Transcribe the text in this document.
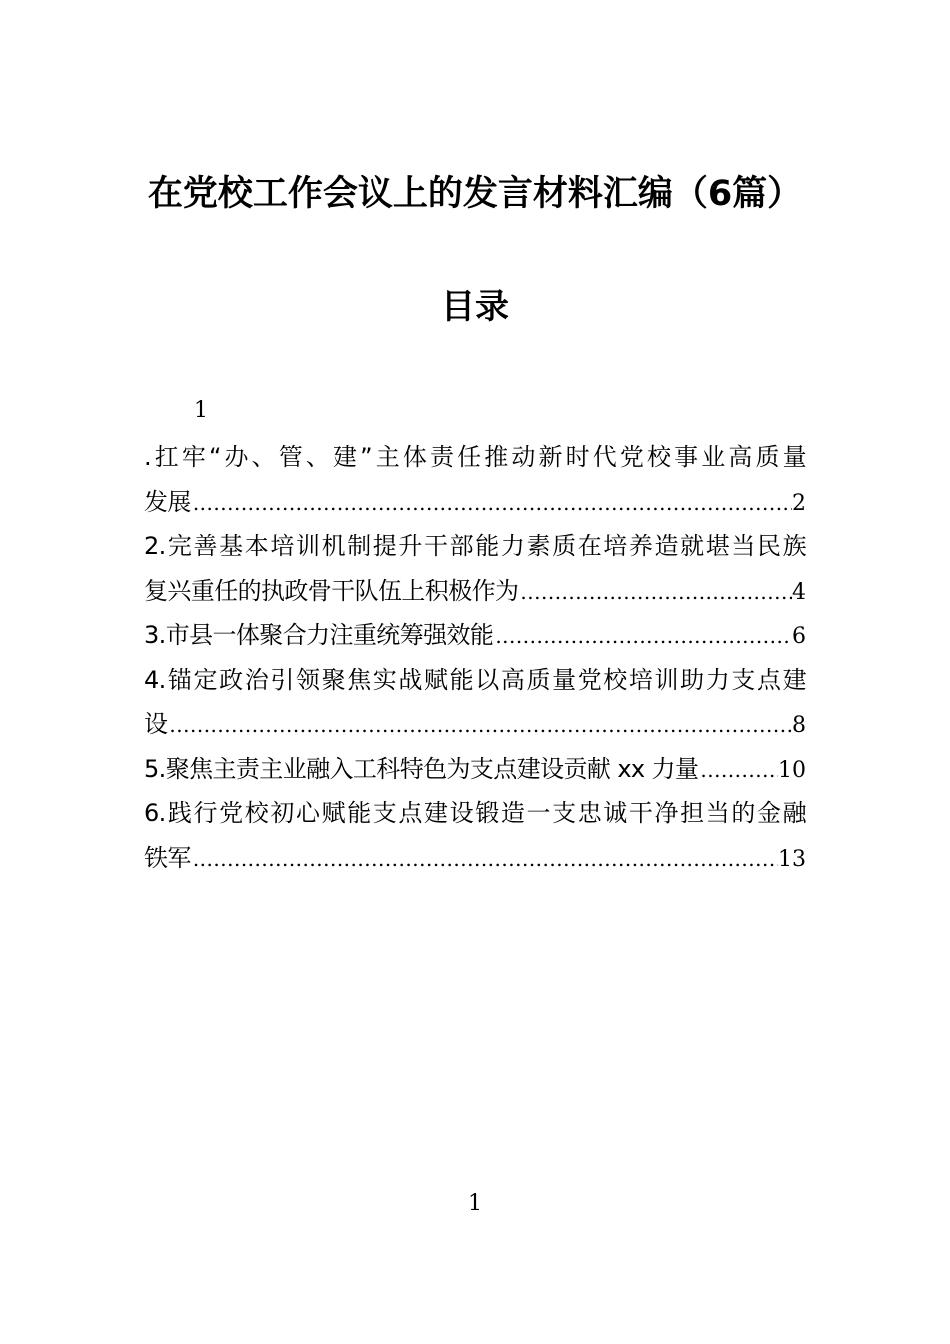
在党校工作会议上的发言材料汇编（6篇）
目录
1
.扛牢“办、管、建”主体责任推动新时代党校事业高质量
发展 .....	2
2.完善基本培训机制提升干部能力素质在培养造就堪当民族
复兴重任的执政骨干队伍上积极作为 .....	4
3.市县一体聚合力注重统筹强效能 .....	6
4.锚定政治引领聚焦实战赋能以高质量党校培训助力支点建
设 .....	8
5.聚焦主责主业融入工科特色为支点建设贡献 xx 力量 .....	10
6.践行党校初心赋能支点建设锻造一支忠诚干净担当的金融
铁军 .....	13
1
